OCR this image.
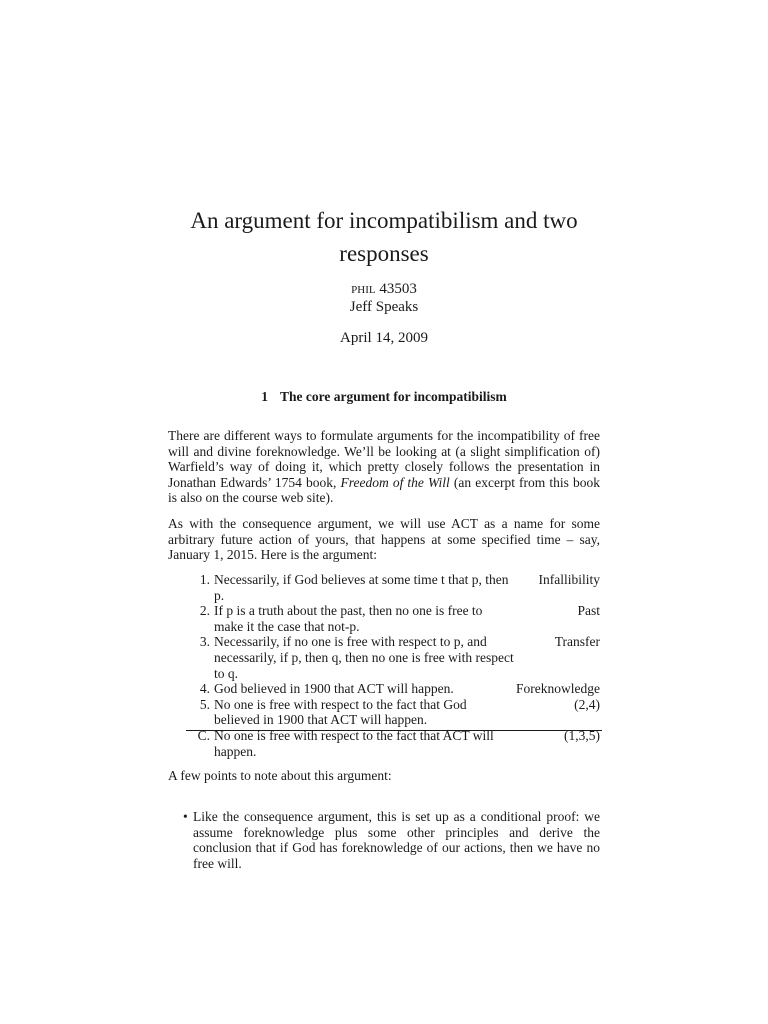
An argument for incompatibilism and two responses
phil 43503
Jeff Speaks
April 14, 2009
1 The core argument for incompatibilism
There are different ways to formulate arguments for the incompatibility of free will and divine foreknowledge. We’ll be looking at (a slight simplification of) Warfield’s way of doing it, which pretty closely follows the presentation in Jonathan Edwards’ 1754 book, Freedom of the Will (an excerpt from this book is also on the course web site).
As with the consequence argument, we will use ACT as a name for some arbitrary future action of yours, that happens at some specified time – say, January 1, 2015. Here is the argument:
1. Necessarily, if God believes at some time t that p, then p.
Infallibility
2. If p is a truth about the past, then no one is free to make it the case that not-p.
Past
3. Necessarily, if no one is free with respect to p, and necessarily, if p, then q, then no one is free with respect to q.
Transfer
4. God believed in 1900 that ACT will happen.	Foreknowledge
5. No one is free with respect to the fact that God believed in 1900 that ACT will happen.
(2,4)
C. No one is free with respect to the fact that ACT will happen.
(1,3,5)
A few points to note about this argument:
• Like the consequence argument, this is set up as a conditional proof: we assume foreknowledge plus some other principles and derive the conclusion that if God has foreknowledge of our actions, then we have no free will.
